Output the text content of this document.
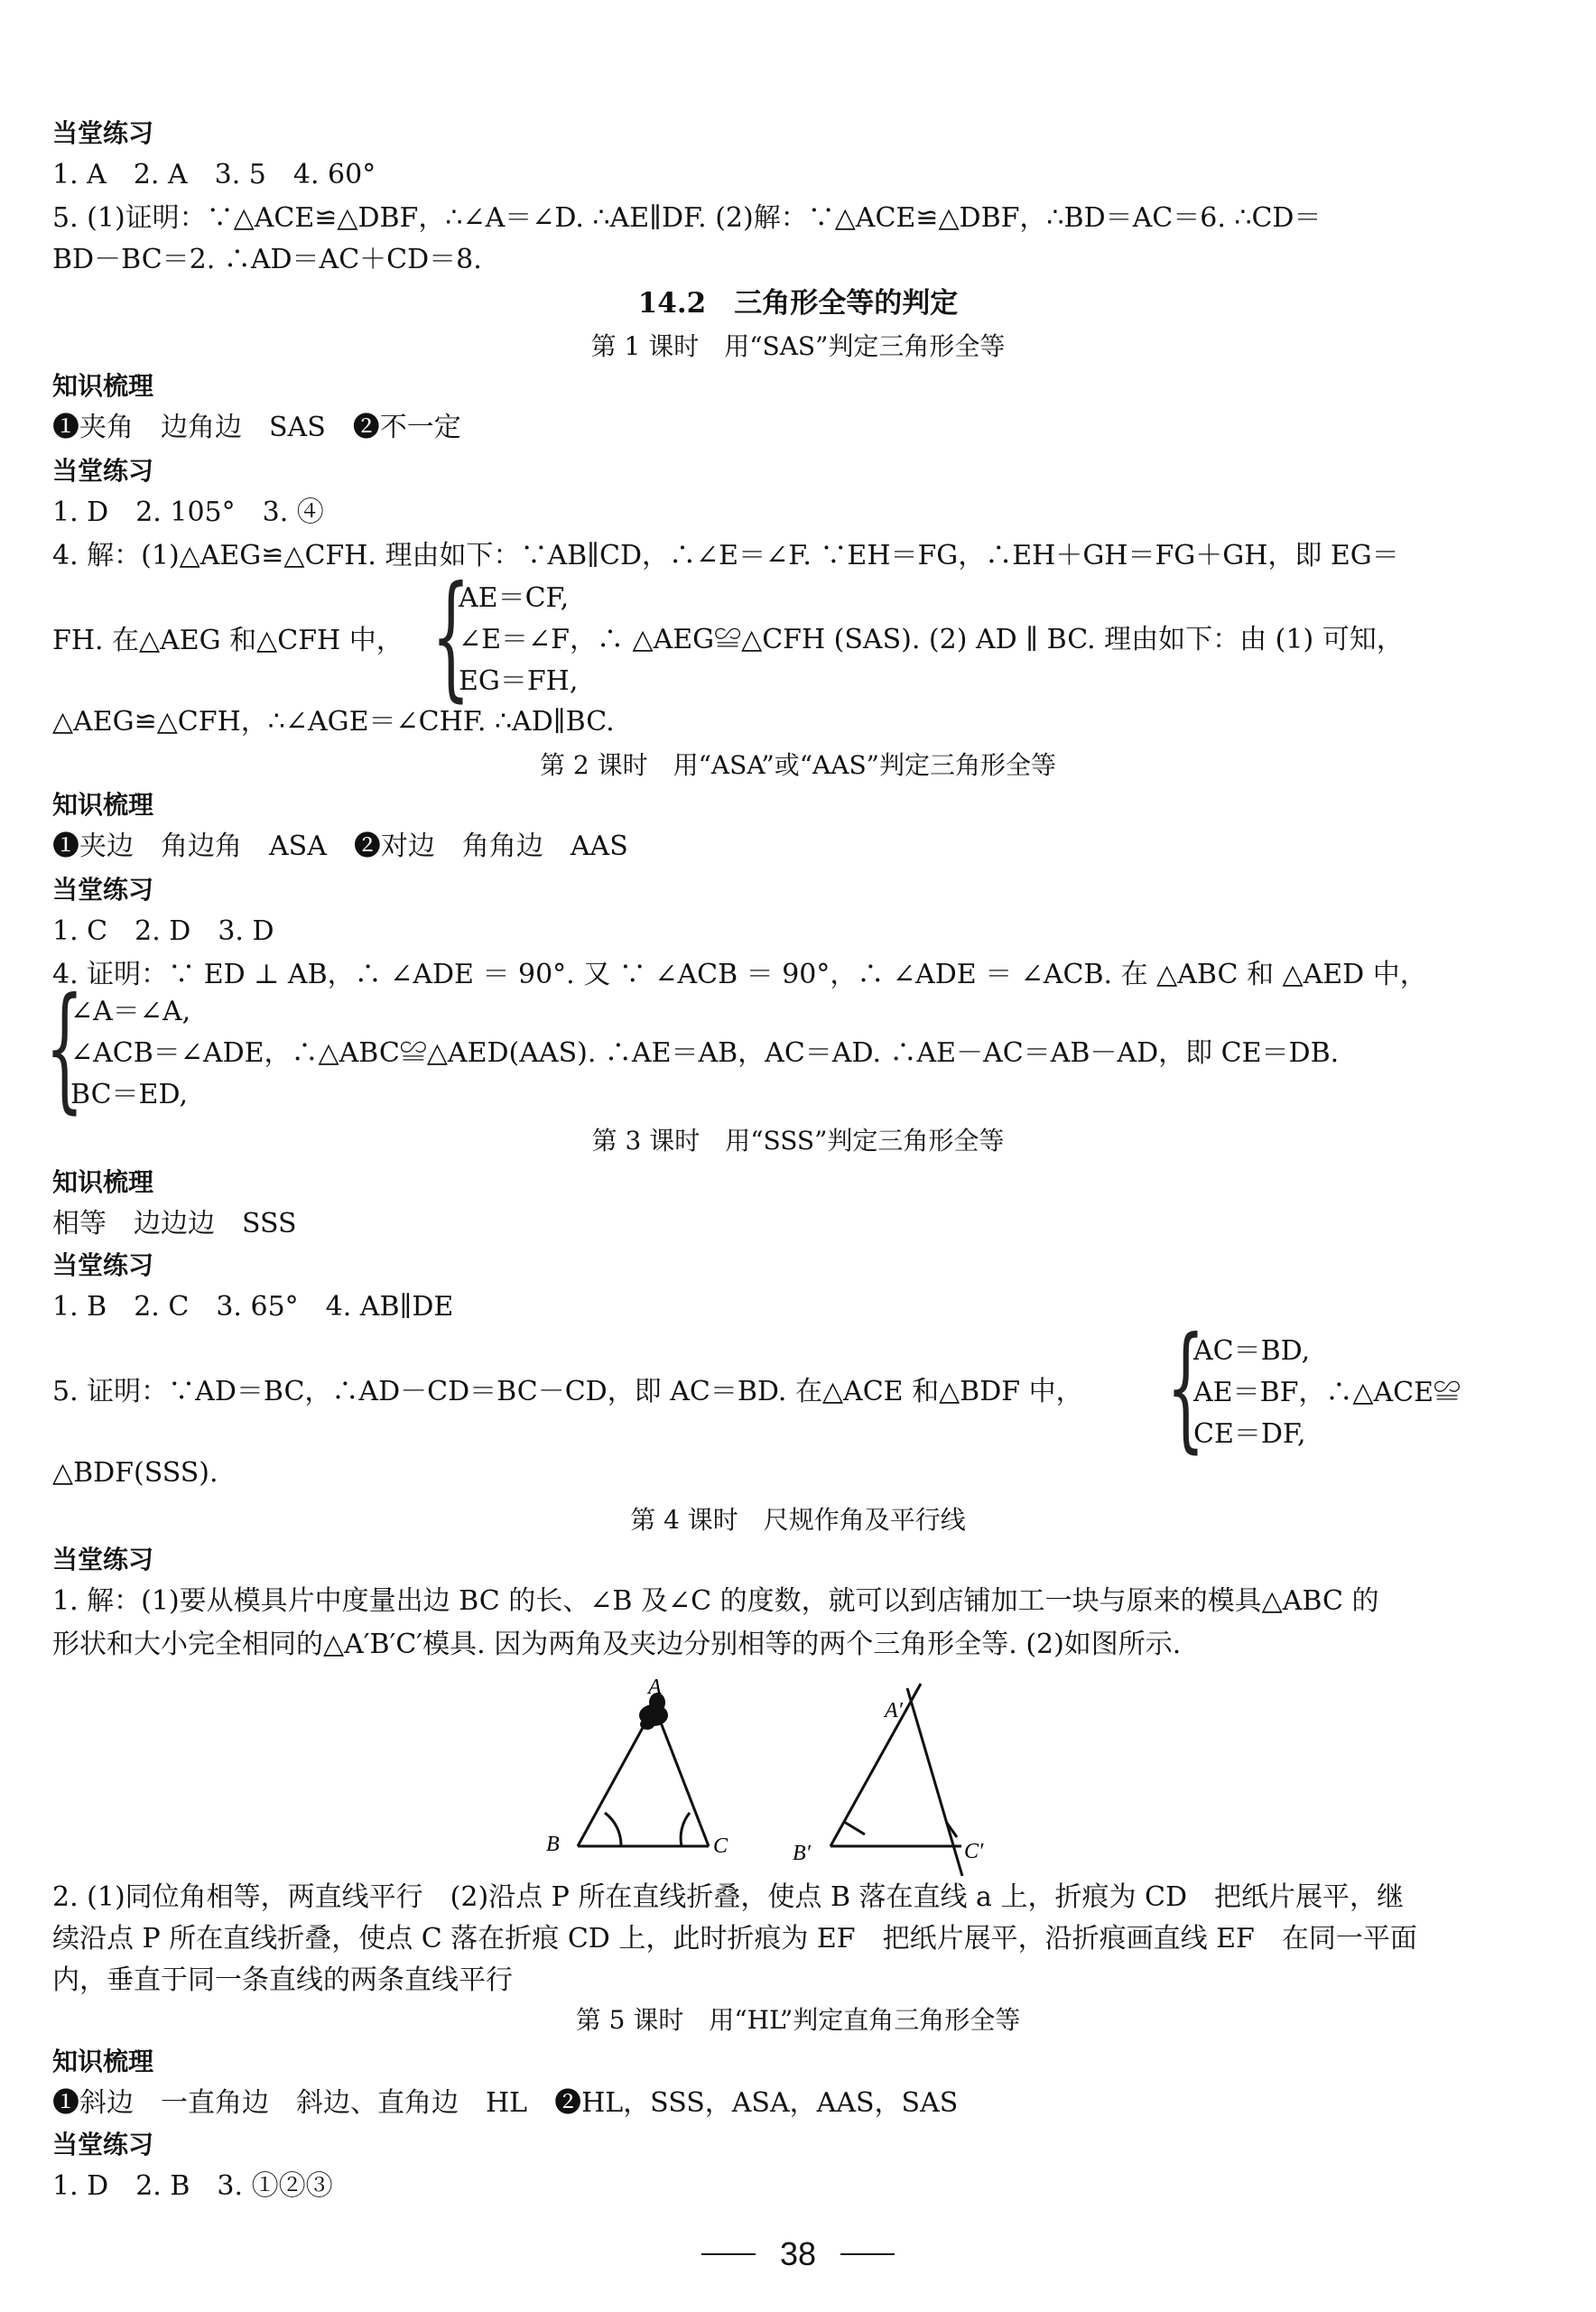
当堂练习
1. A　2. A　3. 5　4. 60°
5. (1)证明：∵△ACE≌△DBF，∴∠A＝∠D. ∴AE∥DF. (2)解：∵△ACE≌△DBF，∴BD＝AC＝6. ∴CD＝
BD－BC＝2. ∴AD＝AC＋CD＝8.
14.2　三角形全等的判定
第 1 课时　用“SAS”判定三角形全等
知识梳理
❶夹角　边角边　SAS　❷不一定
当堂练习
1. D　2. 105°　3. ④
4. 解：(1)△AEG≌△CFH. 理由如下：∵AB∥CD，∴∠E＝∠F. ∵EH＝FG，∴EH＋GH＝FG＋GH，即 EG＝
FH. 在△AEG 和△CFH 中， {
AE＝CF,
∠E＝∠F，∴ △AEG≌△CFH (SAS). (2) AD ∥ BC. 理由如下：由 (1) 可知，
EG＝FH,
△AEG≌△CFH，∴∠AGE＝∠CHF. ∴AD∥BC.
第 2 课时　用“ASA”或“AAS”判定三角形全等
知识梳理
❶夹边　角边角　ASA　❷对边　角角边　AAS
当堂练习
1. C　2. D　3. D
4. 证明：∵ ED ⊥ AB，∴ ∠ADE ＝ 90°. 又 ∵ ∠ACB ＝ 90°，∴ ∠ADE ＝ ∠ACB. 在 △ABC 和 △AED 中，
{
∠A＝∠A,
∠ACB＝∠ADE，∴△ABC≌△AED(AAS). ∴AE＝AB，AC＝AD. ∴AE－AC＝AB－AD，即 CE＝DB.
BC＝ED,
第 3 课时　用“SSS”判定三角形全等
知识梳理
相等　边边边　SSS
当堂练习
1. B　2. C　3. 65°　4. AB∥DE
5. 证明：∵AD＝BC，∴AD－CD＝BC－CD，即 AC＝BD. 在△ACE 和△BDF 中， {
AC＝BD,
AE＝BF，∴△ACE≌
CE＝DF,
△BDF(SSS).
第 4 课时　尺规作角及平行线
当堂练习
1. 解：(1)要从模具片中度量出边 BC 的长、∠B 及∠C 的度数，就可以到店铺加工一块与原来的模具△ABC 的
形状和大小完全相同的△A′B′C′模具. 因为两角及夹边分别相等的两个三角形全等. (2)如图所示.
A
B	C
A′
B′	C′
2. (1)同位角相等，两直线平行　(2)沿点 P 所在直线折叠，使点 B 落在直线 a 上，折痕为 CD　把纸片展平，继
续沿点 P 所在直线折叠，使点 C 落在折痕 CD 上，此时折痕为 EF　把纸片展平，沿折痕画直线 EF　在同一平面
内，垂直于同一条直线的两条直线平行
第 5 课时　用“HL”判定直角三角形全等
知识梳理
❶斜边　一直角边　斜边、直角边　HL　❷HL，SSS，ASA，AAS，SAS
当堂练习
1. D　2. B　3. ①②③
38
